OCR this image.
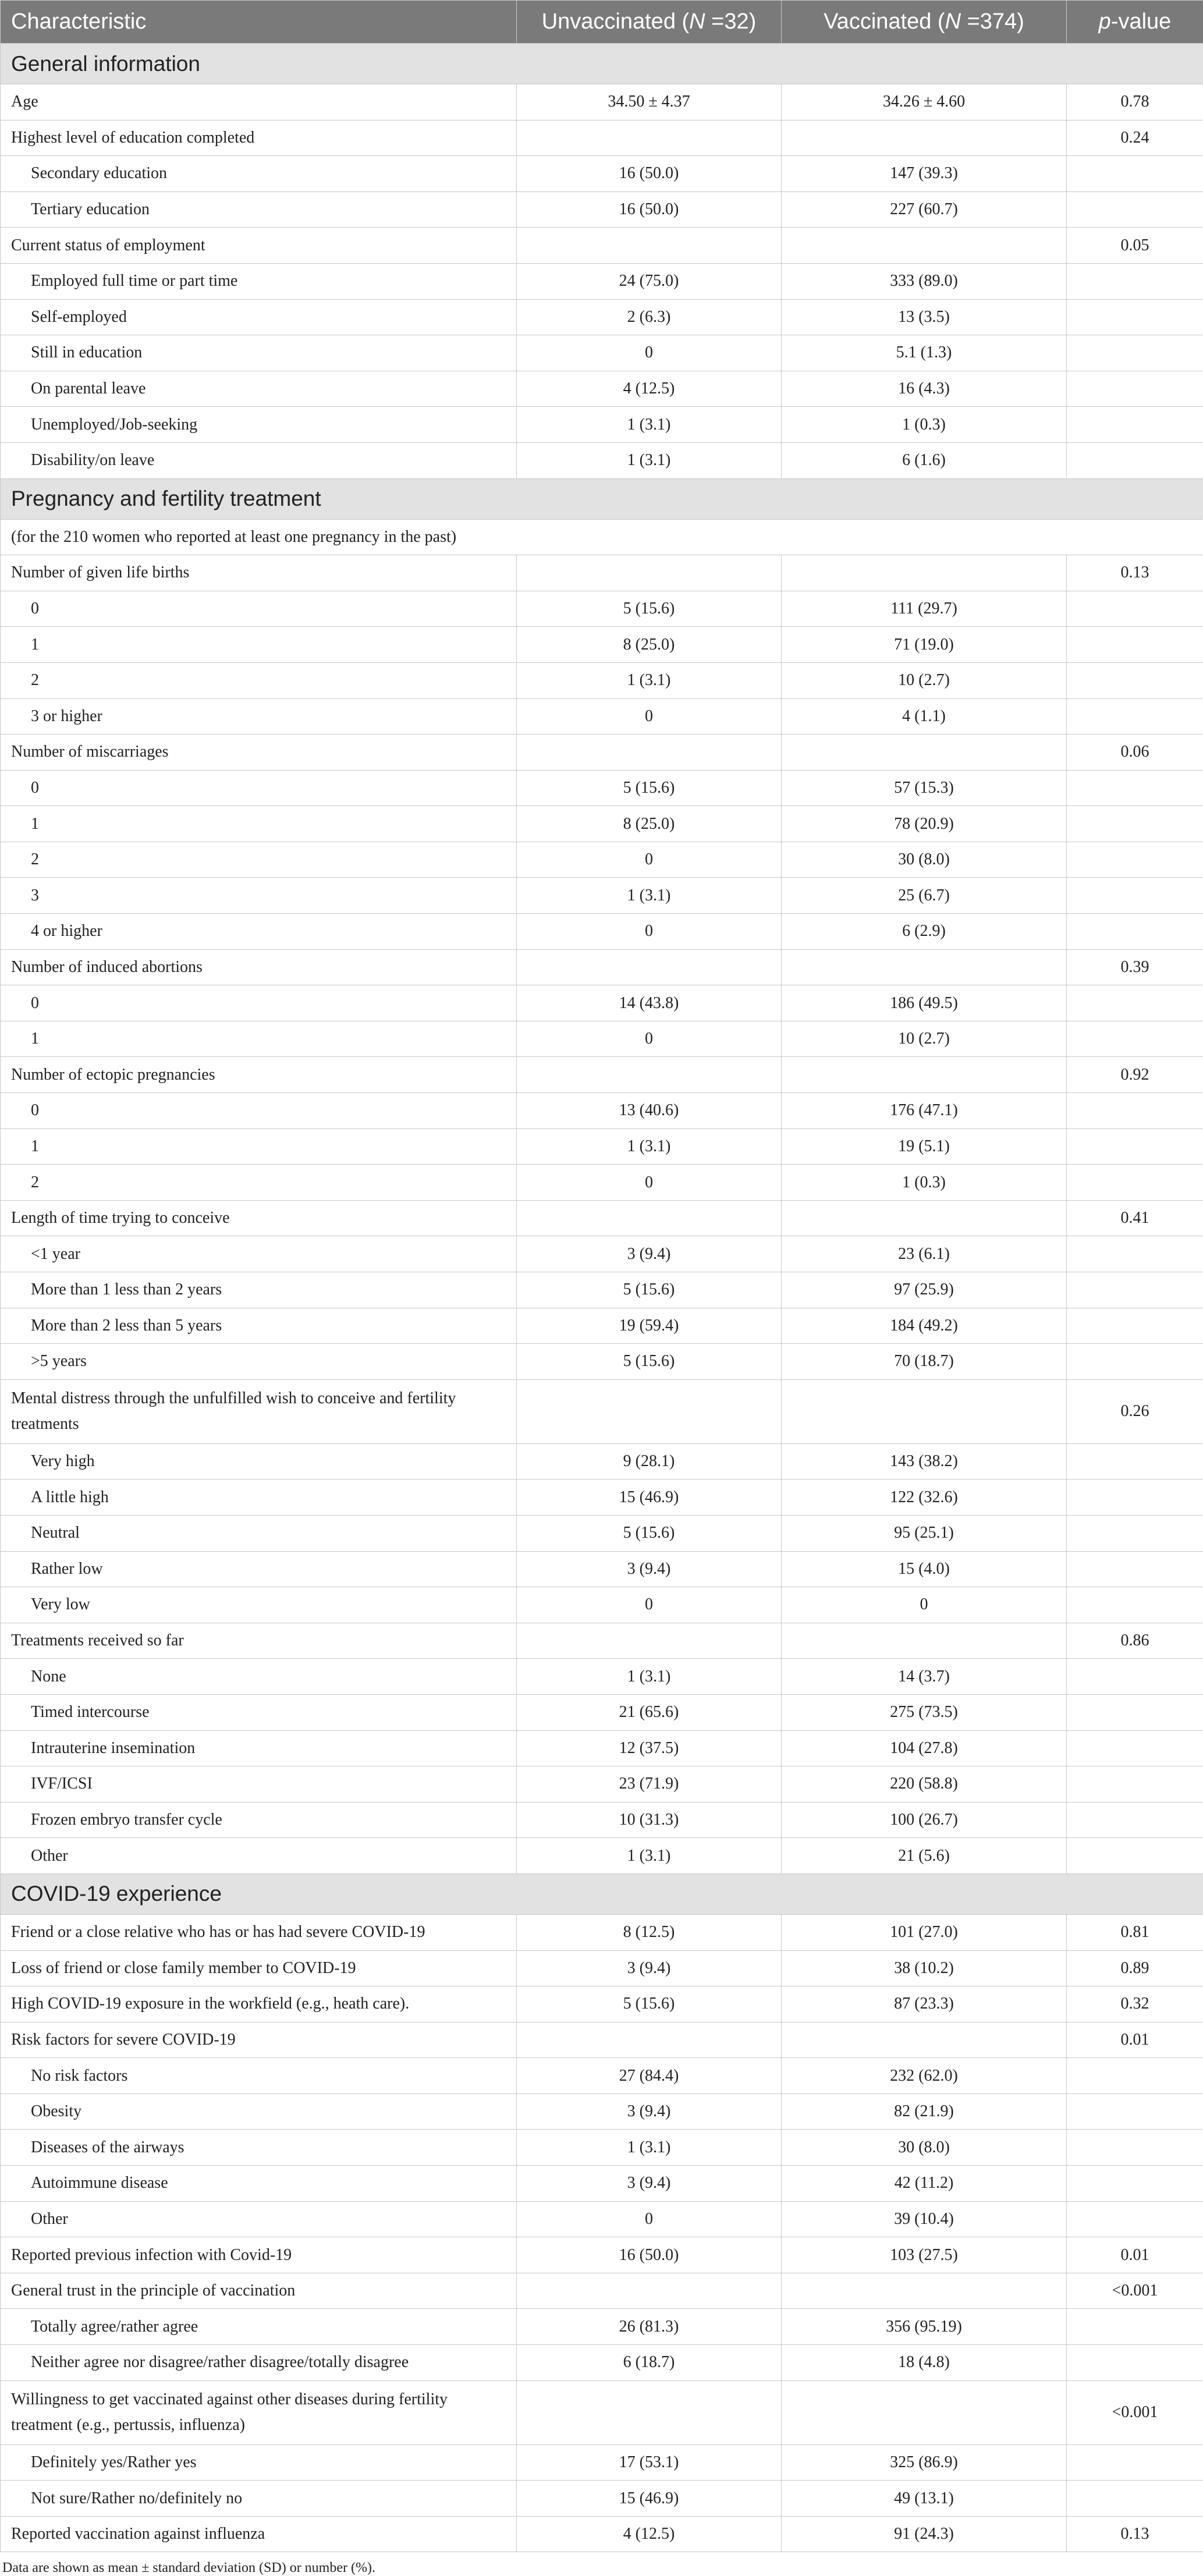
Characteristic	Unvaccinated (N =32)	Vaccinated (N =374)	p-value
General information			
Age	34.50 ± 4.37	34.26 ± 4.60	0.78
Highest level of education completed			0.24
Secondary education	16 (50.0)	147 (39.3)	
Tertiary education	16 (50.0)	227 (60.7)	
Current status of employment			0.05
Employed full time or part time	24 (75.0)	333 (89.0)	
Self-employed	2 (6.3)	13 (3.5)	
Still in education	0	5.1 (1.3)	
On parental leave	4 (12.5)	16 (4.3)	
Unemployed/Job-seeking	1 (3.1)	1 (0.3)	
Disability/on leave	1 (3.1)	6 (1.6)	
Pregnancy and fertility treatment			
(for the 210 women who reported at least one pregnancy in the past)			
Number of given life births			0.13
0	5 (15.6)	111 (29.7)	
1	8 (25.0)	71 (19.0)	
2	1 (3.1)	10 (2.7)	
3 or higher	0	4 (1.1)	
Number of miscarriages			0.06
0	5 (15.6)	57 (15.3)	
1	8 (25.0)	78 (20.9)	
2	0	30 (8.0)	
3	1 (3.1)	25 (6.7)	
4 or higher	0	6 (2.9)	
Number of induced abortions			0.39
0	14 (43.8)	186 (49.5)	
1	0	10 (2.7)	
Number of ectopic pregnancies			0.92
0	13 (40.6)	176 (47.1)	
1	1 (3.1)	19 (5.1)	
2	0	1 (0.3)	
Length of time trying to conceive			0.41
<1 year	3 (9.4)	23 (6.1)	
More than 1 less than 2 years	5 (15.6)	97 (25.9)	
More than 2 less than 5 years	19 (59.4)	184 (49.2)	
>5 years	5 (15.6)	70 (18.7)	
Mental distress through the unfulfilled wish to conceive and fertility treatments			0.26
Very high	9 (28.1)	143 (38.2)	
A little high	15 (46.9)	122 (32.6)	
Neutral	5 (15.6)	95 (25.1)	
Rather low	3 (9.4)	15 (4.0)	
Very low	0	0	
Treatments received so far			0.86
None	1 (3.1)	14 (3.7)	
Timed intercourse	21 (65.6)	275 (73.5)	
Intrauterine insemination	12 (37.5)	104 (27.8)	
IVF/ICSI	23 (71.9)	220 (58.8)	
Frozen embryo transfer cycle	10 (31.3)	100 (26.7)	
Other	1 (3.1)	21 (5.6)	
COVID-19 experience			
Friend or a close relative who has or has had severe COVID-19	8 (12.5)	101 (27.0)	0.81
Loss of friend or close family member to COVID-19	3 (9.4)	38 (10.2)	0.89
High COVID-19 exposure in the workfield (e.g., heath care).	5 (15.6)	87 (23.3)	0.32
Risk factors for severe COVID-19			0.01
No risk factors	27 (84.4)	232 (62.0)	
Obesity	3 (9.4)	82 (21.9)	
Diseases of the airways	1 (3.1)	30 (8.0)	
Autoimmune disease	3 (9.4)	42 (11.2)	
Other	0	39 (10.4)	
Reported previous infection with Covid-19	16 (50.0)	103 (27.5)	0.01
General trust in the principle of vaccination			<0.001
Totally agree/rather agree	26 (81.3)	356 (95.19)	
Neither agree nor disagree/rather disagree/totally disagree	6 (18.7)	18 (4.8)	
Willingness to get vaccinated against other diseases during fertility treatment (e.g., pertussis, influenza)			<0.001
Definitely yes/Rather yes	17 (53.1)	325 (86.9)	
Not sure/Rather no/definitely no	15 (46.9)	49 (13.1)	
Reported vaccination against influenza	4 (12.5)	91 (24.3)	0.13
Data are shown as mean ± standard deviation (SD) or number (%).
